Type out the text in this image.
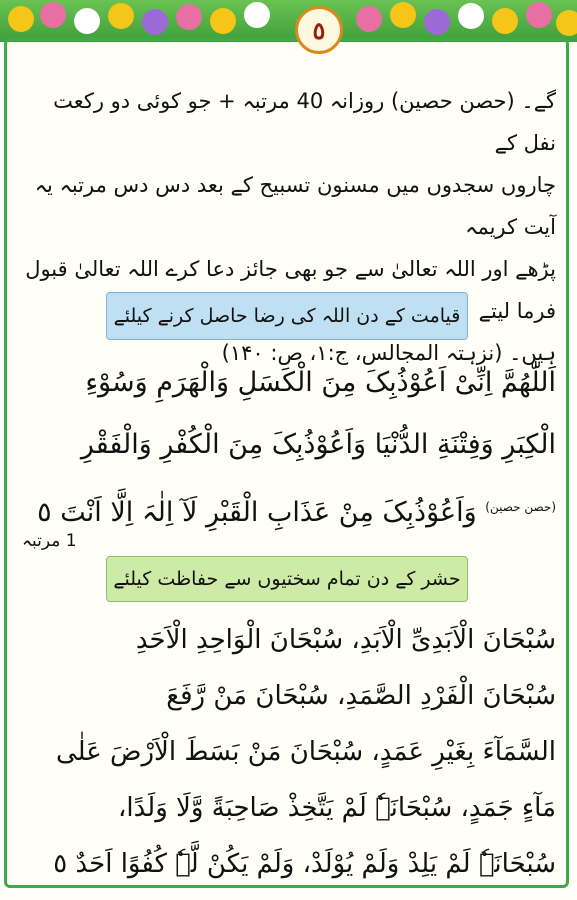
٥
گے۔ (حصن حصین) روزانہ 40 مرتبہ + جو کوئی دو رکعت نفل کے
چاروں سجدوں میں مسنون تسبیح کے بعد دس دس مرتبہ یہ آیت کریمہ
پڑھے اور اللہ تعالیٰ سے جو بھی جائز دعا کرے اللہ تعالیٰ قبول فرما لیتے
ہیں۔ (نزہتہ المجالس، ج:۱، ص: ۱۴۰)
قیامت کے دن اللہ کی رضا حاصل کرنے کیلئے
اَللّٰھُمَّ اِنِّیْ اَعُوْذُبِکَ مِنَ الْکَسَلِ وَالْھَرَمِ وَسُوْءِ
الْکِبَرِ وَفِتْنَةِ الدُّنْیَا وَاَعُوْذُبِکَ مِنَ الْکُفْرِ وَالْفَقْرِ
$^{(حصن حصین)}$ وَاَعُوْذُبِکَ مِنْ عَذَابِ الْقَبْرِ لَآ اِلٰہَ اِلَّا اَنْتَ ٥
1 مرتبہ
حشر کے دن تمام سختیوں سے حفاظت کیلئے
سُبْحَانَ الْاَبَدِیِّ الْاَبَدِ، سُبْحَانَ الْوَاحِدِ الْاَحَدِ
سُبْحَانَ الْفَرْدِ الصَّمَدِ، سُبْحَانَ مَنْ رَّفَعَ
السَّمَآءَ بِغَیْرِ عَمَدٍ، سُبْحَانَ مَنْ بَسَطَ الْاَرْضَ عَلٰی
مَآءٍ جَمَدٍ، سُبْحَانَہٗ لَمْ یَتَّخِذْ صَاحِبَةً وَّلَا وَلَدًا،
سُبْحَانَہٗ لَمْ یَلِدْ وَلَمْ یُوْلَدْ، وَلَمْ یَکُنْ لَّہٗ کُفُوًا اَحَدٌ ٥
